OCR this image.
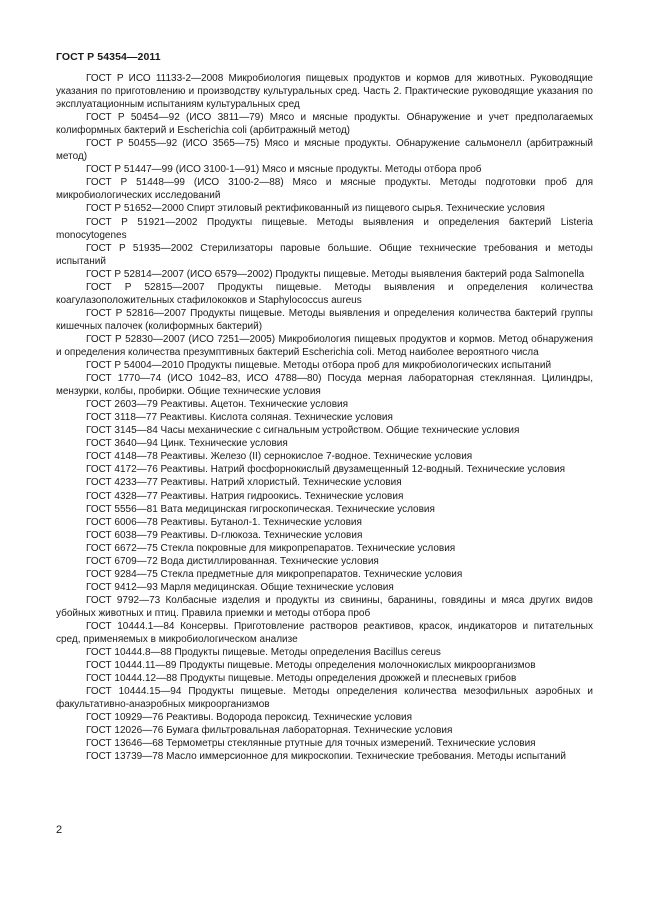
ГОСТ Р 54354—2011

ГОСТ Р ИСО 11133-2—2008 Микробиология пищевых продуктов и кормов для животных. Руководящие указания по приготовлению и производству культуральных сред. Часть 2. Практические руководящие указания по эксплуатационным испытаниям культуральных сред

ГОСТ Р 50454—92 (ИСО 3811—79) Мясо и мясные продукты. Обнаружение и учет предполагаемых колиформных бактерий и Escherichia coli (арбитражный метод)

ГОСТ Р 50455—92 (ИСО 3565—75) Мясо и мясные продукты. Обнаружение сальмонелл (арбитражный метод)

ГОСТ Р 51447—99 (ИСО 3100-1—91) Мясо и мясные продукты. Методы отбора проб

ГОСТ Р 51448—99 (ИСО 3100-2—88) Мясо и мясные продукты. Методы подготовки проб для микробиологических исследований

ГОСТ Р 51652—2000 Спирт этиловый ректификованный из пищевого сырья. Технические условия

ГОСТ Р 51921—2002 Продукты пищевые. Методы выявления и определения бактерий Listeria monocytogenes

ГОСТ Р 51935—2002 Стерилизаторы паровые большие. Общие технические требования и методы испытаний

ГОСТ Р 52814—2007 (ИСО 6579—2002) Продукты пищевые. Методы выявления бактерий рода Salmonella

ГОСТ Р 52815—2007 Продукты пищевые. Методы выявления и определения количества коагулазоположительных стафилококков и Staphylococcus aureus

ГОСТ Р 52816—2007 Продукты пищевые. Методы выявления и определения количества бактерий группы кишечных палочек (колиформных бактерий)

ГОСТ Р 52830—2007 (ИСО 7251—2005) Микробиология пищевых продуктов и кормов. Метод обнаружения и определения количества презумптивных бактерий Escherichia coli. Метод наиболее вероятного числа

ГОСТ Р 54004—2010 Продукты пищевые. Методы отбора проб для микробиологических испытаний

ГОСТ 1770—74 (ИСО 1042–83, ИСО 4788—80) Посуда мерная лабораторная стеклянная. Цилиндры, мензурки, колбы, пробирки. Общие технические условия

ГОСТ 2603—79 Реактивы. Ацетон. Технические условия

ГОСТ 3118—77 Реактивы. Кислота соляная. Технические условия

ГОСТ 3145—84 Часы механические с сигнальным устройством. Общие технические условия

ГОСТ 3640—94 Цинк. Технические условия

ГОСТ 4148—78 Реактивы. Железо (II) сернокислое 7-водное. Технические условия

ГОСТ 4172—76 Реактивы. Натрий фосфорнокислый двузамещенный 12-водный. Технические условия

ГОСТ 4233—77 Реактивы. Натрий хлористый. Технические условия

ГОСТ 4328—77 Реактивы. Натрия гидроокись. Технические условия

ГОСТ 5556—81 Вата медицинская гигроскопическая. Технические условия

ГОСТ 6006—78 Реактивы. Бутанол-1. Технические условия

ГОСТ 6038—79 Реактивы. D-глюкоза. Технические условия

ГОСТ 6672—75 Стекла покровные для микропрепаратов. Технические условия

ГОСТ 6709—72 Вода дистиллированная. Технические условия

ГОСТ 9284—75 Стекла предметные для микропрепаратов. Технические условия

ГОСТ 9412—93 Марля медицинская. Общие технические условия

ГОСТ 9792—73 Колбасные изделия и продукты из свинины, баранины, говядины и мяса других видов убойных животных и птиц. Правила приемки и методы отбора проб

ГОСТ 10444.1—84 Консервы. Приготовление растворов реактивов, красок, индикаторов и питательных сред, применяемых в микробиологическом анализе

ГОСТ 10444.8—88 Продукты пищевые. Методы определения Bacillus cereus

ГОСТ 10444.11—89 Продукты пищевые. Методы определения молочнокислых микроорганизмов

ГОСТ 10444.12—88 Продукты пищевые. Методы определения дрожжей и плесневых грибов

ГОСТ 10444.15—94 Продукты пищевые. Методы определения количества мезофильных аэробных и факультативно-анаэробных микроорганизмов

ГОСТ 10929—76 Реактивы. Водорода пероксид. Технические условия

ГОСТ 12026—76 Бумага фильтровальная лабораторная. Технические условия

ГОСТ 13646—68 Термометры стеклянные ртутные для точных измерений. Технические условия

ГОСТ 13739—78 Масло иммерсионное для микроскопии. Технические требования. Методы испытаний

2
